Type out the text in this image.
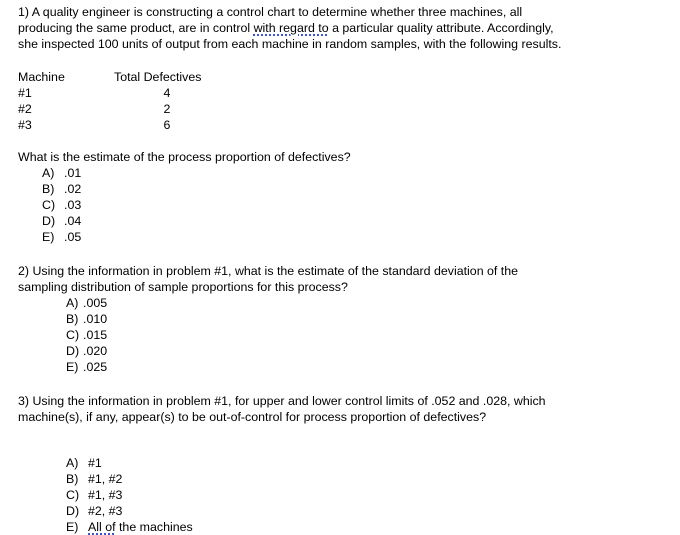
1) A quality engineer is constructing a control chart to determine whether three machines, all

producing the same product, are in control with regard to a particular quality attribute. Accordingly,

she inspected 100 units of output from each machine in random samples, with the following results.

Machine	Total Defectives
#1	4
#2	2
#3	6

What is the estimate of the process proportion of defectives?

A) .01
B) .02
C) .03
D) .04
E) .05

2) Using the information in problem #1, what is the estimate of the standard deviation of the

sampling distribution of sample proportions for this process?

A) .005
B) .010
C) .015
D) .020
E) .025

3) Using the information in problem #1, for upper and lower control limits of .052 and .028, which

machine(s), if any, appear(s) to be out-of-control for process proportion of defectives?

A) #1
B) #1, #2
C) #1, #3
D) #2, #3
E) All of the machines
